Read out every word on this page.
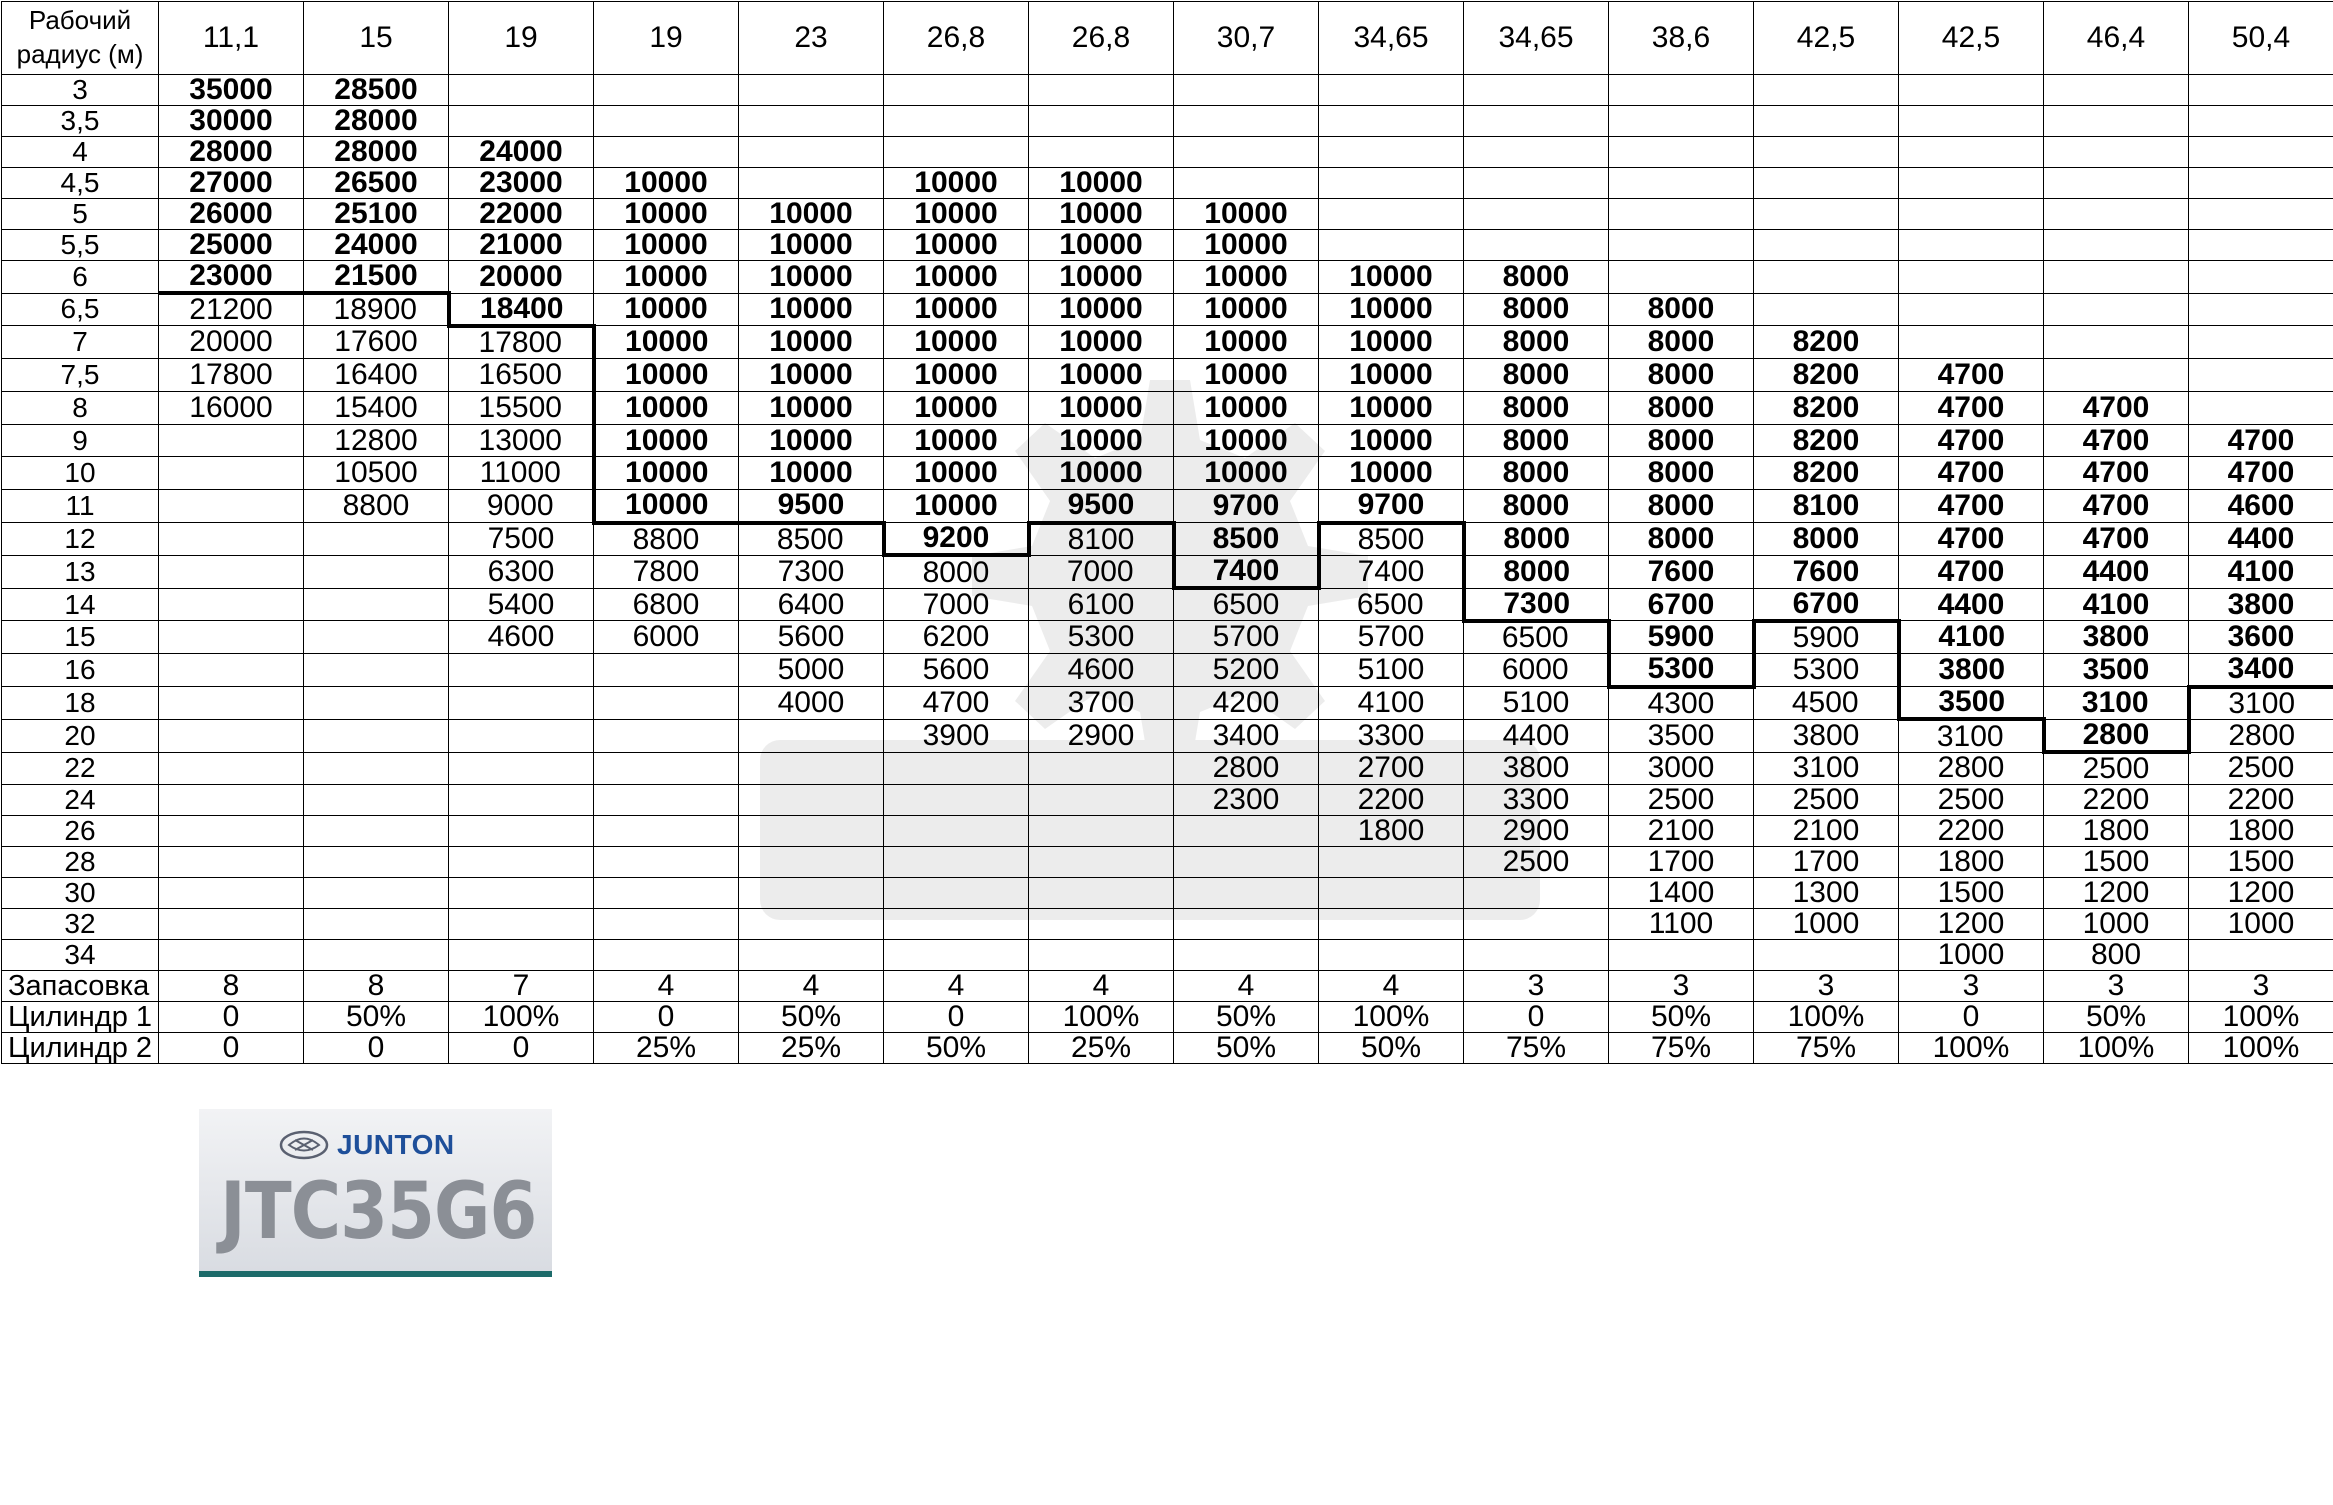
Рабочий радиус (м)	11,1	15	19	19	23	26,8	26,8	30,7	34,65	34,65	38,6	42,5	42,5	46,4	50,4
3	35000	28500													
3,5	30000	28000													
4	28000	28000	24000												
4,5	27000	26500	23000	10000		10000	10000								
5	26000	25100	22000	10000	10000	10000	10000	10000							
5,5	25000	24000	21000	10000	10000	10000	10000	10000							
6	23000	21500	20000	10000	10000	10000	10000	10000	10000	8000					
6,5	21200	18900	18400	10000	10000	10000	10000	10000	10000	8000	8000				
7	20000	17600	17800	10000	10000	10000	10000	10000	10000	8000	8000	8200			
7,5	17800	16400	16500	10000	10000	10000	10000	10000	10000	8000	8000	8200	4700		
8	16000	15400	15500	10000	10000	10000	10000	10000	10000	8000	8000	8200	4700	4700	
9		12800	13000	10000	10000	10000	10000	10000	10000	8000	8000	8200	4700	4700	4700
10		10500	11000	10000	10000	10000	10000	10000	10000	8000	8000	8200	4700	4700	4700
11		8800	9000	10000	9500	10000	9500	9700	9700	8000	8000	8100	4700	4700	4600
12			7500	8800	8500	9200	8100	8500	8500	8000	8000	8000	4700	4700	4400
13			6300	7800	7300	8000	7000	7400	7400	8000	7600	7600	4700	4400	4100
14			5400	6800	6400	7000	6100	6500	6500	7300	6700	6700	4400	4100	3800
15			4600	6000	5600	6200	5300	5700	5700	6500	5900	5900	4100	3800	3600
16					5000	5600	4600	5200	5100	6000	5300	5300	3800	3500	3400
18					4000	4700	3700	4200	4100	5100	4300	4500	3500	3100	3100
20						3900	2900	3400	3300	4400	3500	3800	3100	2800	2800
22								2800	2700	3800	3000	3100	2800	2500	2500
24								2300	2200	3300	2500	2500	2500	2200	2200
26									1800	2900	2100	2100	2200	1800	1800
28										2500	1700	1700	1800	1500	1500
30											1400	1300	1500	1200	1200
32											1100	1000	1200	1000	1000
34													1000	800	
Запасовка	8	8	7	4	4	4	4	4	4	3	3	3	3	3	3
Цилиндр 1	0	50%	100%	0	50%	0	100%	50%	100%	0	50%	100%	0	50%	100%
Цилиндр 2	0	0	0	25%	25%	50%	25%	50%	50%	75%	75%	75%	100%	100%	100%
JUNTON
JTC35G6
